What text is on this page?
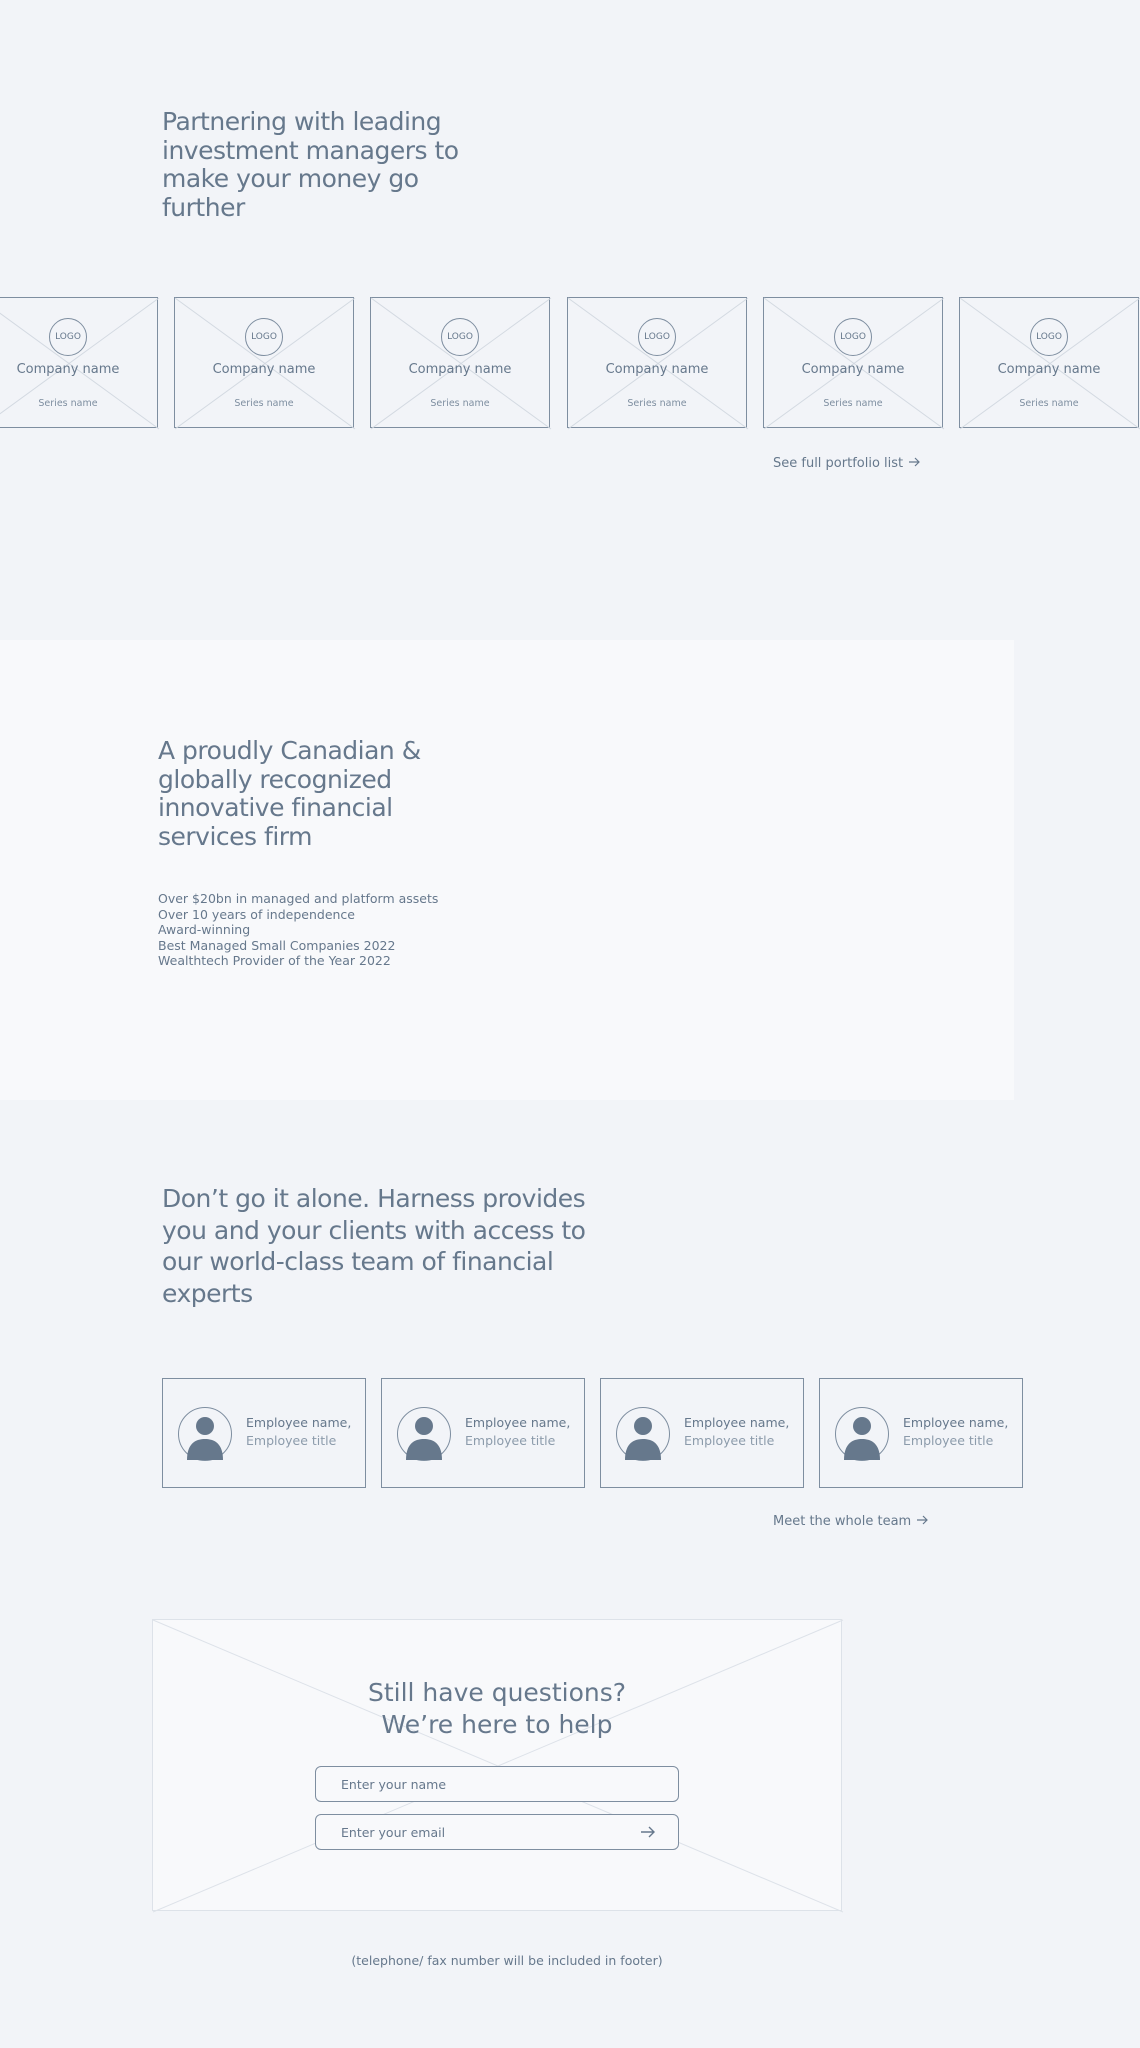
Partnering with leading investment managers to make your money go further
LOGO
Company name
Series name
LOGO
Company name
Series name
LOGO
Company name
Series name
LOGO
Company name
Series name
LOGO
Company name
Series name
LOGO
Company name
Series name
See full portfolio list
A proudly Canadian & globally recognized innovative financial services firm
Over $20bn in managed and platform assets
Over 10 years of independence
Award-winning
Best Managed Small Companies 2022
Wealthtech Provider of the Year 2022
Don’t go it alone. Harness provides you and your clients with access to our world-class team of financial experts
Employee name,
Employee title
Employee name,
Employee title
Employee name,
Employee title
Employee name,
Employee title
Meet the whole team
Still have questions?
We’re here to help
Enter your name
Enter your email
(telephone/ fax number will be included in footer)
